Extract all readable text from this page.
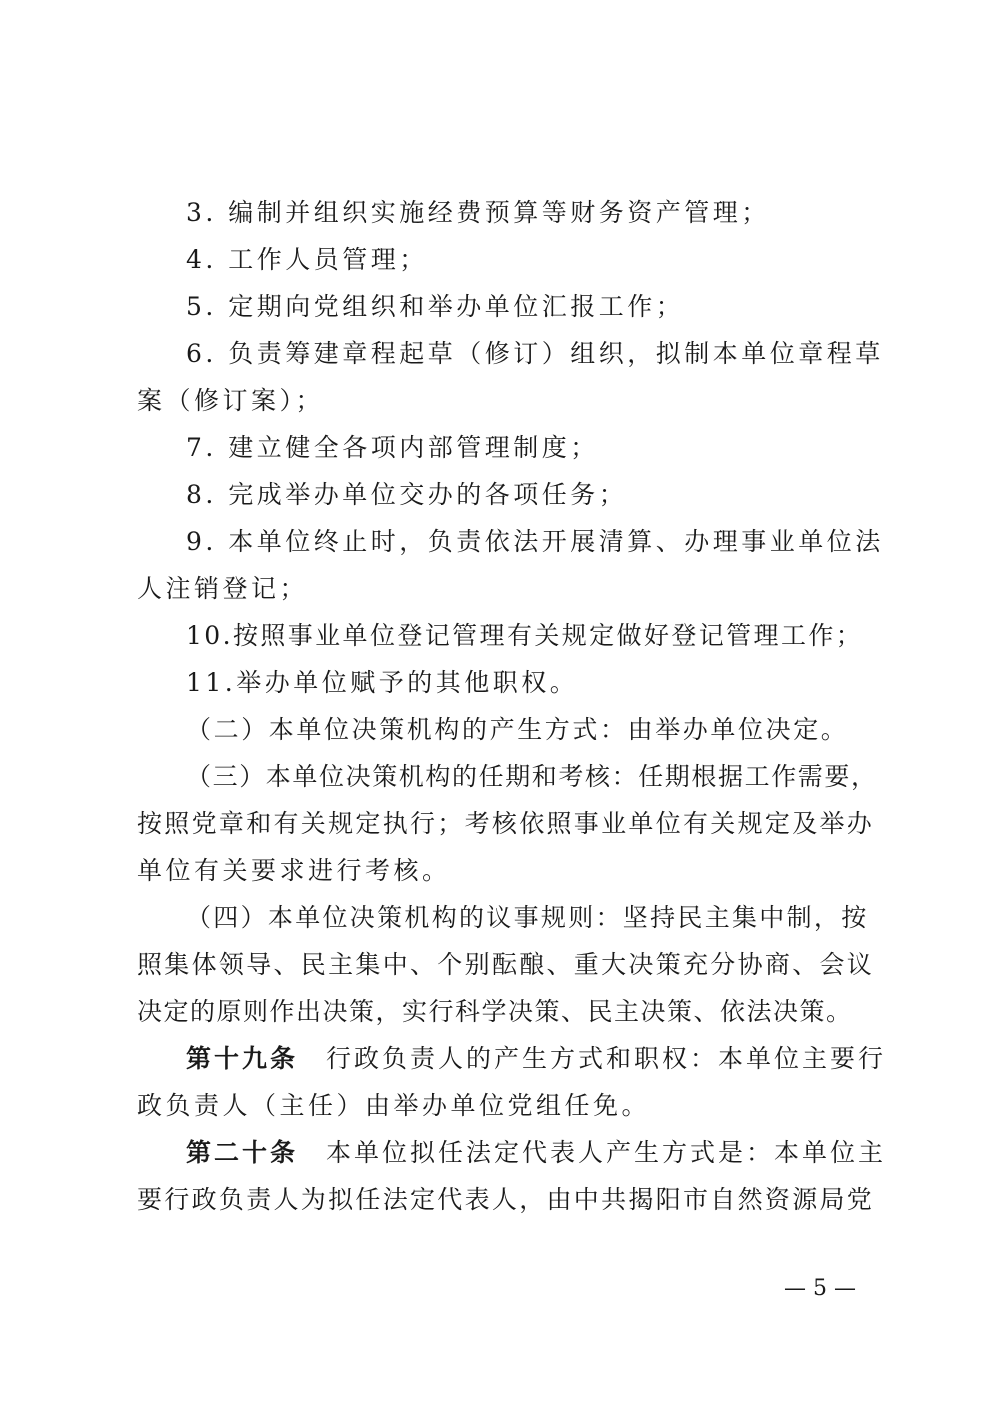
3. 编制并组织实施经费预算等财务资产管理；
4. 工作人员管理；
5. 定期向党组织和举办单位汇报工作；
6. 负责筹建章程起草（修订）组织，拟制本单位章程草
案（修订案）；
7. 建立健全各项内部管理制度；
8. 完成举办单位交办的各项任务；
9. 本单位终止时，负责依法开展清算、办理事业单位法
人注销登记；
10.按照事业单位登记管理有关规定做好登记管理工作；
11.举办单位赋予的其他职权。
（二）本单位决策机构的产生方式：由举办单位决定。
（三）本单位决策机构的任期和考核：任期根据工作需要，
按照党章和有关规定执行；考核依照事业单位有关规定及举办
单位有关要求进行考核。
（四）本单位决策机构的议事规则：坚持民主集中制，按
照集体领导、民主集中、个别酝酿、重大决策充分协商、会议
决定的原则作出决策，实行科学决策、民主决策、依法决策。
第十九条 行政负责人的产生方式和职权：本单位主要行
政负责人（主任）由举办单位党组任免。
第二十条 本单位拟任法定代表人产生方式是：本单位主
要行政负责人为拟任法定代表人，由中共揭阳市自然资源局党
— 5 —
